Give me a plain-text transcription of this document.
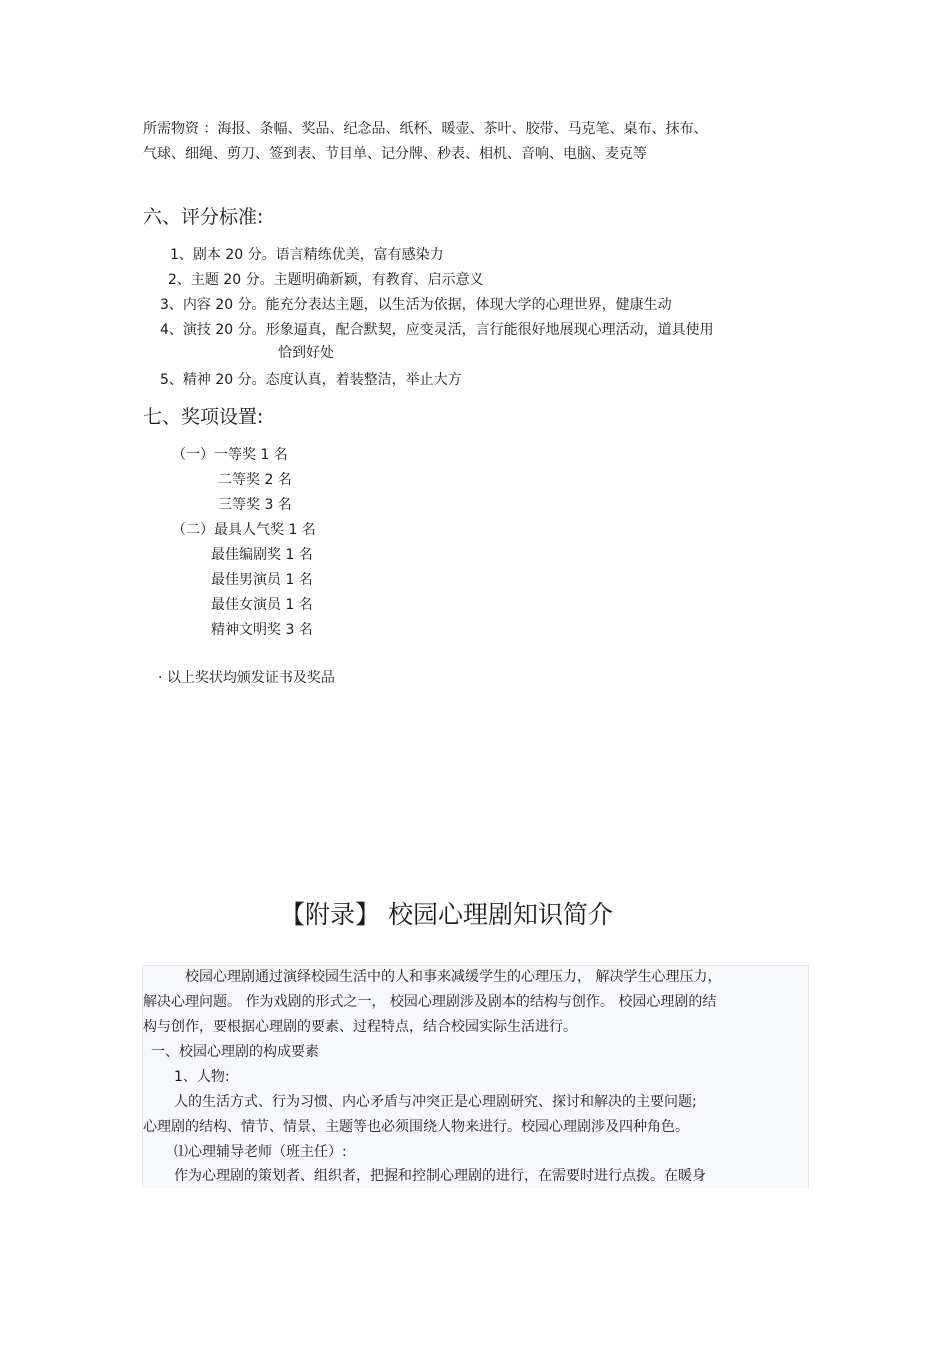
所需物资 ：海报、条幅、奖品、纪念品、纸杯、暖壶、茶叶、胶带、马克笔、桌布、抹布、
气球、细绳、剪刀、签到表、节目单、记分牌、秒表、相机、音响、电脑、麦克等
六、评分标准:
1、剧本 20 分。语言精练优美，富有感染力
2、主题 20 分。主题明确新颖，有教育、启示意义
3、内容 20 分。能充分表达主题，以生活为依据，体现大学的心理世界，健康生动
4、演技 20 分。形象逼真，配合默契，应变灵活，言行能很好地展现心理活动，道具使用
恰到好处
5、精神 20 分。态度认真，着装整洁，举止大方
七、奖项设置:
（一）一等奖 1 名
二等奖 2 名
三等奖 3 名
（二）最具人气奖 1 名
最佳编剧奖 1 名
最佳男演员 1 名
最佳女演员 1 名
精神文明奖 3 名
· 以上奖状均颁发证书及奖品
【附录】 校园心理剧知识简介
校园心理剧通过演绎校园生活中的人和事来减缓学生的心理压力， 解决学生心理压力，
解决心理问题。 作为戏剧的形式之一， 校园心理剧涉及剧本的结构与创作。 校园心理剧的结
构与创作，要根据心理剧的要素、过程特点，结合校园实际生活进行。
一、校园心理剧的构成要素
1、人物:
人的生活方式、行为习惯、内心矛盾与冲突正是心理剧研究、探讨和解决的主要问题;
心理剧的结构、情节、情景、主题等也必须围绕人物来进行。校园心理剧涉及四种角色。
⑴心理辅导老师（班主任）:
作为心理剧的策划者、组织者，把握和控制心理剧的进行，在需要时进行点拨。在暖身
